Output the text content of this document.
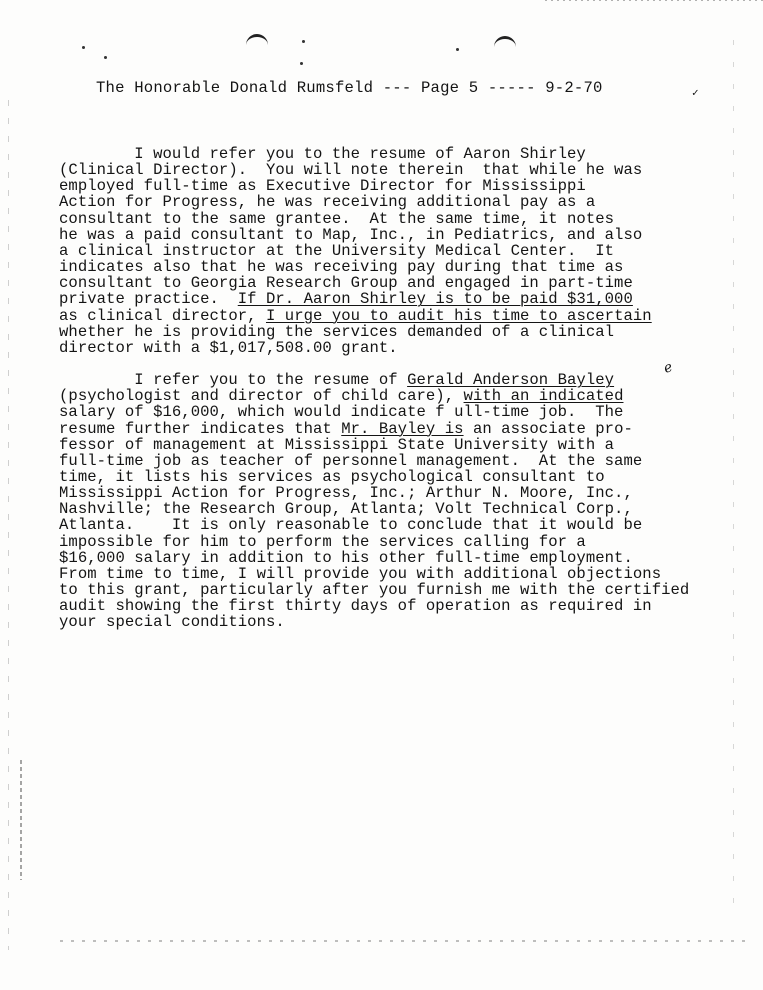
The Honorable Donald Rumsfeld --- Page 5 ----- 9-2-70	✓

I would refer you to the resume of Aaron Shirley
(Clinical Director).  You will note therein  that while he was
employed full-time as Executive Director for Mississippi
Action for Progress, he was receiving additional pay as a
consultant to the same grantee.  At the same time, it notes
he was a paid consultant to Map, Inc., in Pediatrics, and also
a clinical instructor at the University Medical Center.  It
indicates also that he was receiving pay during that time as
consultant to Georgia Research Group and engaged in part-time
private practice.  If Dr. Aaron Shirley is to be paid $31,000
as clinical director, I urge you to audit his time to ascertain
whether he is providing the services demanded of a clinical
director with a $1,017,508.00 grant.

I refer you to the resume of Gerald Anderson Bayley
(psychologist and director of child care), with an indicated
salary of $16,000, which would indicate f ull-time job.  The
resume further indicates that Mr. Bayley is an associate pro-
fessor of management at Mississippi State University with a
full-time job as teacher of personnel management.  At the same
time, it lists his services as psychological consultant to
Mississippi Action for Progress, Inc.; Arthur N. Moore, Inc.,
Nashville; the Research Group, Atlanta; Volt Technical Corp.,
Atlanta.    It is only reasonable to conclude that it would be
impossible for him to perform the services calling for a
$16,000 salary in addition to his other full-time employment.
From time to time, I will provide you with additional objections
to this grant, particularly after you furnish me with the certified
audit showing the first thirty days of operation as required in
your special conditions.

e
